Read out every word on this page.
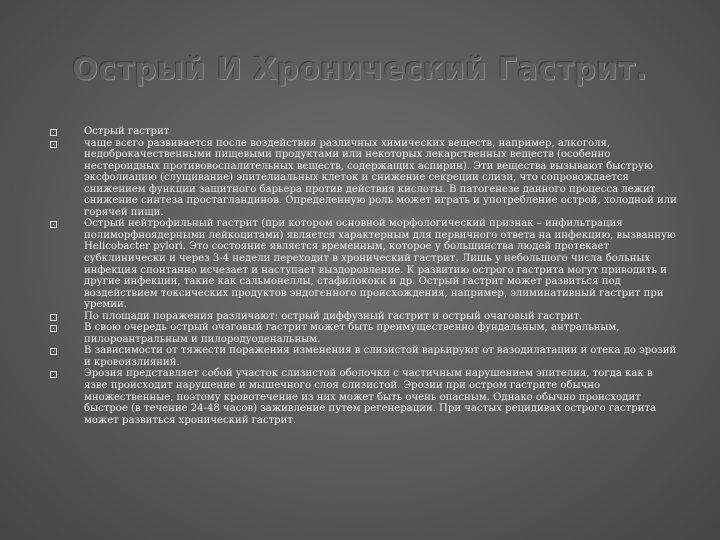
Острый И Хронический Гастрит.
Острый гастрит
чаще всего развивается после воздействия различных химических веществ, например, алкоголя, недоброкачественными пищевыми продуктами или некоторых лекарственных веществ (особенно нестероидных противовоспалительных веществ, содержащих аспирин). Эти вещества вызывают быструю эксфолиацию (слущивание) эпителиальных клеток и снижение секреции слизи, что сопровождается снижением функции защитного барьера против действия кислоты. В патогенезе данного процесса лежит снижение синтеза простагландинов. Определенную роль может играть и употребление острой, холодной или горячей пищи.
Острый нейтрофильный гастрит (при котором основной морфологический признак – инфильтрация полиморфноядерными лейкоцитами) является характерным для первичного ответа на инфекцию, вызванную Helicobacter pylori. Это состояние является временным, которое у большинства людей протекает субклинически и через 3-4 недели переходит в хронический гастрит. Лишь у небольшого числа больных инфекция спонтанно исчезает и наступает выздоровление. К развитию острого гастрита могут приводить и другие инфекции, такие как сальмонеллы, стафилококк и др. Острый гастрит может развиться под воздействием токсических продуктов эндогенного происхождения, например, элиминативный гастрит при уремии.
По площади поражения различают: острый диффузный гастрит и острый очаговый гастрит.
В свою очередь острый очаговый гастрит может быть преимущественно фундальным, антральным, пилороантральным и пилородуоденальным.
В зависимости от тяжести поражения изменения в слизистой варьируют от вазодилатации и отека до эрозий и кровоизлияний.
Эрозия представляет собой участок слизистой оболочки с частичным нарушением эпителия, тогда как в язве происходит нарушение и мышечного слоя слизистой. Эрозии при остром гастрите обычно множественные, поэтому кровотечение из них может быть очень опасным. Однако обычно происходит быстрое (в течение 24-48 часов) заживление путем регенерации. При частых рецидивах острого гастрита может развиться хронический гастрит.
